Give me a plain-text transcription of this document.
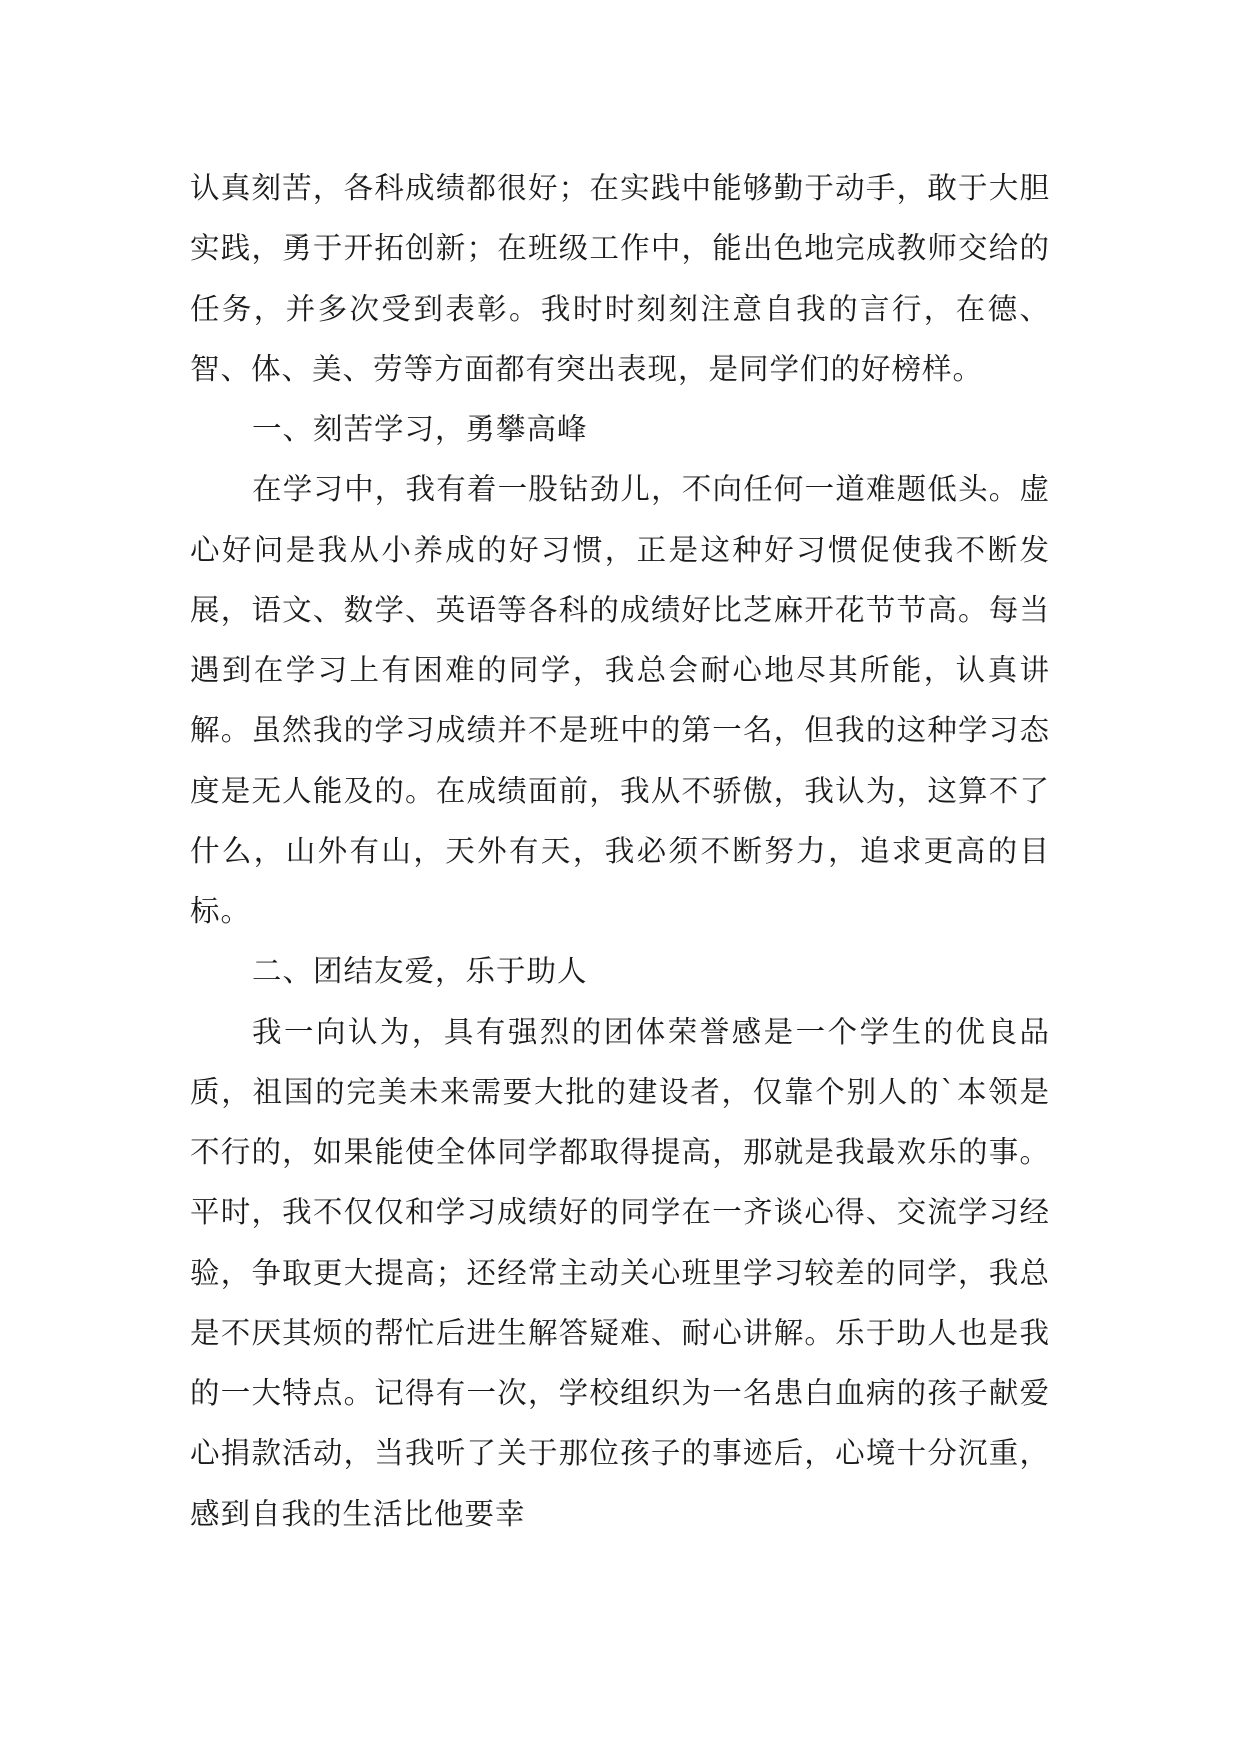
认真刻苦，各科成绩都很好；在实践中能够勤于动手，敢于大胆实践，勇于开拓创新；在班级工作中，能出色地完成教师交给的任务，并多次受到表彰。我时时刻刻注意自我的言行，在德、智、体、美、劳等方面都有突出表现，是同学们的好榜样。

一、刻苦学习，勇攀高峰

在学习中，我有着一股钻劲儿，不向任何一道难题低头。虚心好问是我从小养成的好习惯，正是这种好习惯促使我不断发展，语文、数学、英语等各科的成绩好比芝麻开花节节高。每当遇到在学习上有困难的同学，我总会耐心地尽其所能，认真讲解。虽然我的学习成绩并不是班中的第一名，但我的这种学习态度是无人能及的。在成绩面前，我从不骄傲，我认为，这算不了什么，山外有山，天外有天，我必须不断努力，追求更高的目标。

二、团结友爱，乐于助人

我一向认为，具有强烈的团体荣誉感是一个学生的优良品质，祖国的完美未来需要大批的建设者，仅靠个别人的`本领是不行的，如果能使全体同学都取得提高，那就是我最欢乐的事。平时，我不仅仅和学习成绩好的同学在一齐谈心得、交流学习经验，争取更大提高；还经常主动关心班里学习较差的同学，我总是不厌其烦的帮忙后进生解答疑难、耐心讲解。乐于助人也是我的一大特点。记得有一次，学校组织为一名患白血病的孩子献爱心捐款活动，当我听了关于那位孩子的事迹后，心境十分沉重，感到自我的生活比他要幸
